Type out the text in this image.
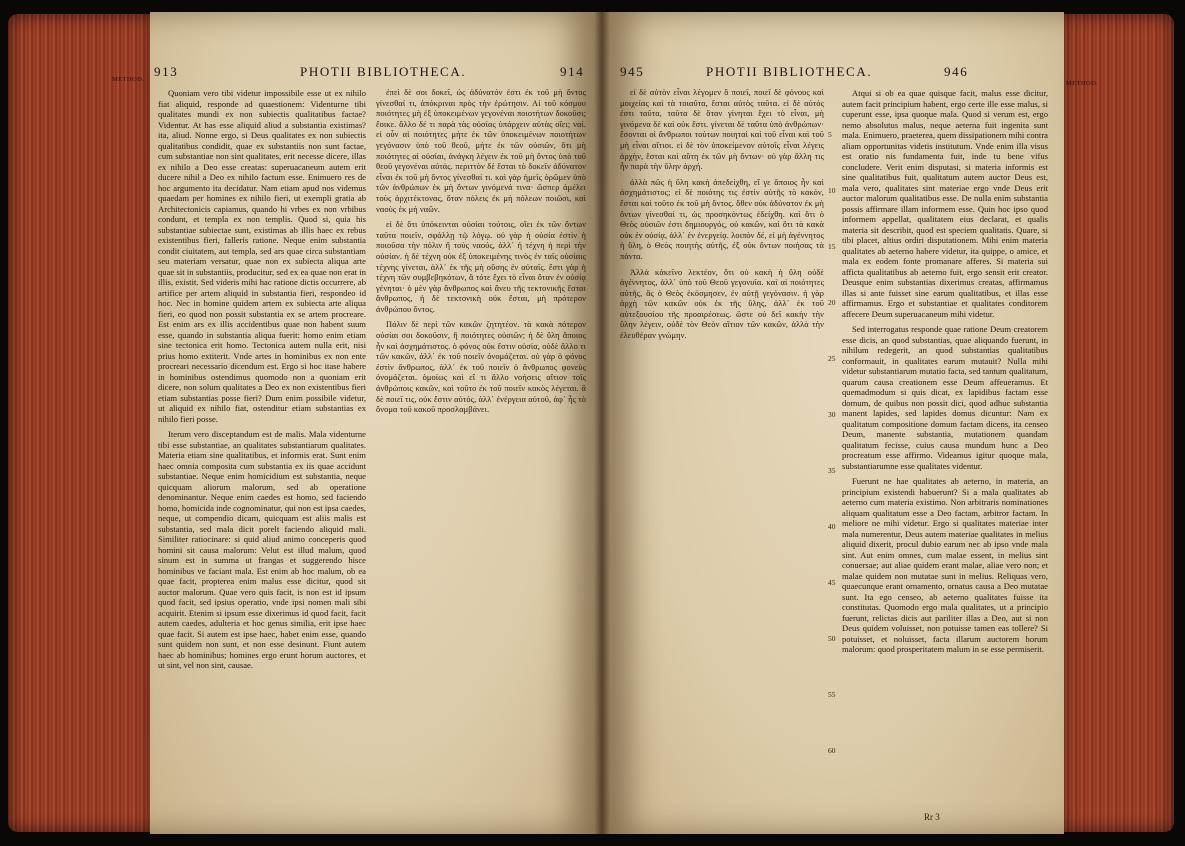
913	PHOTII BIBLIOTHECA.	914

Quoniam vero tibi videtur impossibile esse ut ex nihilo fiat aliquid, responde ad quaestionem: Videnturne tibi qualitates mundi ex non subiectis qualitatibus factae? Videntur. At has esse aliquid aliud a substantia existimas? ita, aliud. Nonne ergo, si Deus qualitates ex non subiectis qualitatibus condidit, quae ex substantiis non sunt factae, cum substantiae non sint qualitates, erit necesse dicere, illas ex nihilo a Deo esse creatas: superuacaneum autem erit ducere nihil a Deo ex nihilo factum esse. Enimuero res de hoc argumento ita decidatur. Nam etiam apud nos videmus quaedam per homines ex nihilo fieri, ut exempli gratia ab Architectonicis capiamus, quando hi vrbes ex non vrbibus condunt, et templa ex non templis. Quod si, quia his substantiae subiectae sunt, existimas ab illis haec ex rebus existentibus fieri, falleris ratione. Neque enim substantia condit ciuitatem, aut templa, sed ars quae circa substantiam seu materiam versatur, quae non ex subiecta aliqua arte quae sit in substantiis, producitur, sed ex ea quae non erat in illis, existit. Sed videris mihi hac ratione dictis occurrere, ab artifice per artem aliquid in substantia fieri, respondeo id hoc. Nec in homine quidem artem ex subiecta arte aliqua fieri, eo quod non possit substantia ex se artem procreare. Est enim ars ex illis accidentibus quae non habent suum esse, quando in substantia aliqua fuerit: homo enim etiam sine tectonica erit homo. Tectonica autem nulla erit, nisi prius homo extiterit. Vnde artes in hominibus ex non ente procreari necessario dicendum est. Ergo si hoc itase habere in hominibus ostendimus quomodo non a quoniam erit dicere, non solum qualitates a Deo ex non existentibus fieri etiam substantias posse fieri? Dum enim possibile videtur, ut aliquid ex nihilo fiat, ostenditur etiam substantias ex nihilo fieri posse.

Iterum vero disceptandum est de malis. Mala videnturne tibi esse substantiae, an qualitates substantiarum qualitates. Materia etiam sine qualitatibus, et informis erat. Sunt enim haec omnia composita cum substantia ex iis quae accidunt substantiae. Neque enim homicidium est substantia, neque quicquam aliorum malorum, sed ab operatione denominantur. Neque enim caedes est homo, sed faciendo homo, homicida inde cognominatur, qui non est ipsa caedes, neque, ut compendio dicam, quicquam est aliis malis est substantia, sed mala dicit porelt faciendo aliquid mali. Similiter ratiocinare: si quid aliud animo conceperis quod homini sit causa malorum: Velut est illud malum, quod sinum est in summa ut frangas et suggerendo hisce hominibus ve faciant mala. Est enim ab hoc malum, ob ea quae facit, propterea enim malus esse dicitur, quod sit auctor malorum. Quae vero quis facit, is non est id ipsum quod facit, sed ipsius operatio, vnde ipsi nomen mali sibi acquirit. Etenim si ipsum esse dixerimus id quod facit, facit autem caedes, adulteria et hoc genus similia, erit ipse haec quae facit. Si autem est ipse haec, habet enim esse, quando sunt quidem non sunt, et non esse desinunt. Fiunt autem haec ab hominibus; homines ergo erunt horum auctores, et ut sint, vel non sint, causae.

ἐπεὶ δὲ σοι δοκεῖ, ὡς ἀδύνατόν ἐστι ἐκ τοῦ μὴ ὄντος γίνεσθαί τι, ἀπόκριναι πρὸς τὴν ἐρώτησιν. Αἱ τοῦ κόσμου ποιότητες μὴ ἐξ ὑποκειμένων γεγονέναι ποιοτήτων δοκοῦσι; ἔοικε. ἄλλο δέ τι παρὰ τὰς οὐσίας ὑπάρχειν αὐτὰς οἴει; ναί. εἰ οὖν αἱ ποιότητες μήτε ἐκ τῶν ὑποκειμένων ποιοτήτων γεγόνασιν ὑπὸ τοῦ θεοῦ, μήτε ἐκ τῶν οὐσιῶν, ὅτι μὴ ποιότητες αἱ οὐσίαι, ἀνάγκη λέγειν ἐκ τοῦ μὴ ὄντος ὑπὸ τοῦ θεοῦ γεγονέναι αὐτάς. περιττὸν δὲ ἔσται τὸ δοκεῖν ἀδύνατον εἶναι ἐκ τοῦ μὴ ὄντος γίνεσθαί τι. καὶ γὰρ ἡμεῖς ὁρῶμεν ὑπὸ τῶν ἀνθρώπων ἐκ μὴ ὄντων γινόμενά τινα· ὥσπερ ἀμέλει τοὺς ἀρχιτέκτονας, ὅταν πόλεις ἐκ μὴ πόλεων ποιῶσι, καὶ ναοὺς ἐκ μὴ ναῶν.

εἰ δὲ ὅτι ὑπόκεινται οὐσίαι τούτοις, οἴει ἐκ τῶν ὄντων ταῦτα ποιεῖν, σφάλλῃ τῷ λόγῳ. οὐ γὰρ ἡ οὐσία ἐστὶν ἡ ποιοῦσα τὴν πόλιν ἢ τοὺς ναούς, ἀλλ᾽ ἡ τέχνη ἡ περὶ τὴν οὐσίαν. ἡ δὲ τέχνη οὐκ ἐξ ὑποκειμένης τινὸς ἐν ταῖς οὐσίαις τέχνης γίνεται, ἀλλ᾽ ἐκ τῆς μὴ οὔσης ἐν αὐταῖς. ἔστι γὰρ ἡ τέχνη τῶν συμβεβηκότων, ἃ τότε ἔχει τὸ εἶναι ὅταν ἐν οὐσίᾳ γένηται· ὁ μὲν γὰρ ἄνθρωπος καὶ ἄνευ τῆς τεκτονικῆς ἔσται ἄνθρωπος, ἡ δὲ τεκτονικὴ οὐκ ἔσται, μὴ πρότερον ἀνθρώπου ὄντος.

Πάλιν δὲ περὶ τῶν κακῶν ζητητέον. τὰ κακὰ πότερον οὐσίαι σοι δοκοῦσιν, ἢ ποιότητες οὐσιῶν; ἡ δὲ ὕλη ἄποιος ἦν καὶ ἀσχημάτιστος. ὁ φόνος οὐκ ἔστιν οὐσία, οὐδὲ ἄλλο τι τῶν κακῶν, ἀλλ᾽ ἐκ τοῦ ποιεῖν ὀνομάζεται. οὐ γὰρ ὁ φόνος ἐστὶν ἄνθρωπος, ἀλλ᾽ ἐκ τοῦ ποιεῖν ὁ ἄνθρωπος φονεὺς ὀνομάζεται. ὁμοίως καὶ εἴ τι ἄλλο νοήσεις αἴτιον τοῖς ἀνθρώποις κακῶν, καὶ τοῦτο ἐκ τοῦ ποιεῖν κακὸς λέγεται. ἃ δὲ ποιεῖ τις, οὐκ ἔστιν αὐτός, ἀλλ᾽ ἐνέργεια αὐτοῦ, ἀφ᾽ ἧς τὸ ὄνομα τοῦ κακοῦ προσλαμβάνει.

METHOD.
945	PHOTII BIBLIOTHECA.	946

εἰ δὲ αὐτὸν εἶναι λέγομεν ὃ ποιεῖ, ποιεῖ δὲ φόνους καὶ μοιχείας καὶ τὰ τοιαῦτα, ἔσται αὐτὸς ταῦτα. εἰ δὲ αὐτός ἐστι ταῦτα, ταῦτα δὲ ὅταν γίνηται ἔχει τὸ εἶναι, μὴ γινόμενα δὲ καὶ οὐκ ἔστι. γίνεται δὲ ταῦτα ὑπὸ ἀνθρώπων· ἔσονται οἱ ἄνθρωποι τούτων ποιηταὶ καὶ τοῦ εἶναι καὶ τοῦ μὴ εἶναι αἴτιοι. εἰ δὲ τὸν ὑποκείμενον αὐτοῖς εἶναι λέγεις ἀρχὴν, ἔσται καὶ αὕτη ἐκ τῶν μὴ ὄντων· οὐ γὰρ ἄλλη τις ἦν παρὰ τὴν ὕλην ἀρχή.

ἀλλὰ πῶς ἡ ὕλη κακὴ ἀπεδείχθη, εἴ γε ἄποιος ἦν καὶ ἀσχημάτιστος; εἰ δὲ ποιότης τις ἐστὶν αὐτῆς τὸ κακόν, ἔσται καὶ τοῦτο ἐκ τοῦ μὴ ὄντος. ὅθεν οὐκ ἀδύνατον ἐκ μὴ ὄντων γίνεσθαί τι, ὡς προσηκόντως ἐδείχθη. καὶ ὅτι ὁ Θεὸς οὐσιῶν ἐστι δημιουργός, οὐ κακῶν, καὶ ὅτι τὰ κακὰ οὐκ ἐν οὐσίᾳ, ἀλλ᾽ ἐν ἐνεργείᾳ. λοιπὸν δέ, εἰ μὴ ἀγέννητος ἡ ὕλη, ὁ Θεὸς ποιητὴς αὐτῆς, ἐξ οὐκ ὄντων ποιήσας τὰ πάντα.

Ἀλλὰ κἀκεῖνο λεκτέον, ὅτι οὐ κακὴ ἡ ὕλη οὐδὲ ἀγέννητος, ἀλλ᾽ ὑπὸ τοῦ Θεοῦ γεγονυῖα. καὶ αἱ ποιότητες αὐτῆς, ἃς ὁ Θεὸς ἐκόσμησεν, ἐν αὐτῇ γεγόνασιν. ἡ γὰρ ἀρχὴ τῶν κακῶν οὐκ ἐκ τῆς ὕλης, ἀλλ᾽ ἐκ τοῦ αὐτεξουσίου τῆς προαιρέσεως. ὥστε οὐ δεῖ κακὴν τὴν ὕλην λέγειν, οὐδὲ τὸν Θεὸν αἴτιον τῶν κακῶν, ἀλλὰ τὴν ἐλευθέραν γνώμην.

5
10
15
20
25
30
35
40
45
50
55
60

Atqui si ob ea quae quisque facit, malus esse dicitur, autem facit principium habent, ergo certe ille esse malus, si cuperunt esse, ipsa quoque mala. Quod si verum est, ergo nemo absolutus malus, neque aeterna fuit ingenita sunt mala. Enimuero, praeterea, quem dissipationem mihi contra aliam opportunitas videtis institutum. Vnde enim illa visus est oratio nis fundamenta fuit, inde tu bene vifus concludere. Verit enim disputasi, si materia informis est sine qualitatibus fuit, qualitatum autem auctor Deus est, mala vero, qualitates sint materiae ergo vnde Deus erit auctor malorum qualitatibus esse. De nulla enim substantia possis affirmare illam informem esse. Quin hoc ipso quod informem appellat, qualitatem eius declarat, et qualis materia sit describit, quod est speciem qualitatis. Quare, si tibi placet, altius ordiri disputationem. Mihi enim materia qualitates ab aeterno habere videtur, ita quippe, o amice, et mala ex eodem fonte promanare afferes. Si materia sui afficta qualitatibus ab aeterno fuit, ergo sensit erit creator. Deusque enim substantias dixerimus creatas, affirmamus illas si ante fuisset sine earum qualitatibus, et illas esse affirmamus. Ergo et substantiae et qualitates conditorem affecere Deum superuacaneum mihi videtur.

Sed interrogatus responde quae ratione Deum creatorem esse dicis, an quod substantias, quae aliquando fuerunt, in nihilum redegerit, an quod substantias qualitatibus conformauit, in qualitates earum mutauit? Nulla mihi videtur substantiarum mutatio facta, sed tantum qualitatum, quarum causa creationem esse Deum affeueramus. Et quemadmodum si quis dicat, ex lapidibus factam esse domum, de quibus non possit dici, quod adhuc substantia manent lapides, sed lapides domus dicuntur: Nam ex qualitatum compositione domum factam dicens, ita censeo Deum, manente substantia, mutationem quandam qualitatum fecisse, cuius causa mundum hunc a Deo procreatum esse affirmo. Videamus igitur quoque mala, substantiarumne esse qualitates videntur.

Fuerunt ne hae qualitates ab aeterno, in materia, an principium existendi habuerunt? Si a mala qualitates ab aeterno cum materia existimo. Non arbitraris nominationes aliquam qualitatum esse a Deo factam, arbitror factam. In meliore ne mihi videtur. Ergo si qualitates materiae inter mala numerentur, Deus autem materiae qualitates in melius aliquid dixerit, procul dubio earum nec ab ipso vnde mala sint. Aut enim omnes, cum malae essent, in melius sint conuersae; aut aliae quidem erant malae, aliae vero non; et malae quidem non mutatae sunt in melius. Reliquas vero, quaecunque erant ornamento, ornatus causa a Deo mutatae sunt. Ita ego censeo, ab aeterno qualitates fuisse ita constitutas. Quomodo ergo mala qualitates, ut a principio fuerunt, relictas dicis aut pariliter illas a Deo, aut si non Deus quidem voluisset, non potuisse tamen eas tollere? Si potuisset, et noluisset, facta illarum auctorem horum malorum: quod prosperitatem malum in se esse permiserit.

Rr 3
METHOD.
